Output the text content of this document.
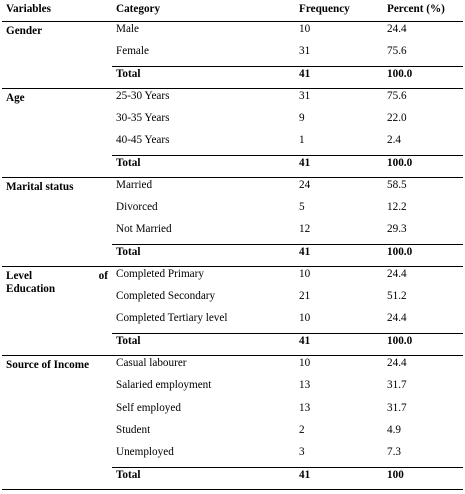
Variables	Category	Frequency	Percent (%)
Gender	Male	10	24.4
	Female	31	75.6
	Total	41	100.0
Age	25-30 Years	31	75.6
	30-35 Years	9	22.0
	40-45 Years	1	2.4
	Total	41	100.0
Marital status	Married	24	58.5
	Divorced	5	12.2
	Not Married	12	29.3
	Total	41	100.0

Level of
Education	Completed Primary	10	24.4
	Completed Secondary	21	51.2
	Completed Tertiary level	10	24.4
	Total	41	100.0
Source of Income	Casual labourer	10	24.4
	Salaried employment	13	31.7
	Self employed	13	31.7
	Student	2	4.9
	Unemployed	3	7.3
	Total	41	100
